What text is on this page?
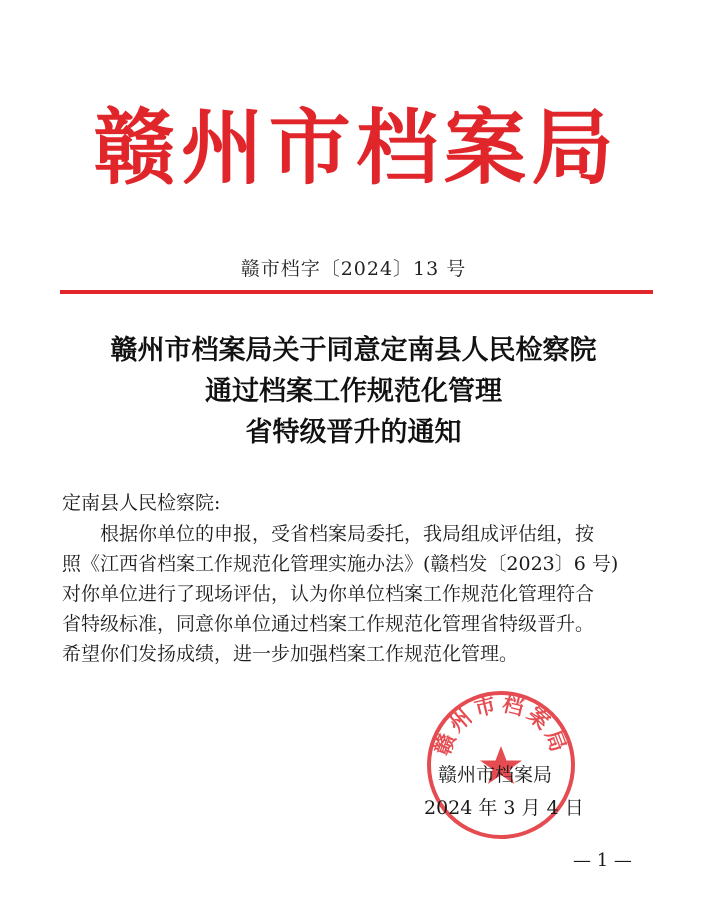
赣州市档案局
赣市档字〔2024〕13 号
赣州市档案局关于同意定南县人民检察院
通过档案工作规范化管理
省特级晋升的通知
定南县人民检察院:
根据你单位的申报，受省档案局委托，我局组成评估组，按
照《江西省档案工作规范化管理实施办法》(赣档发〔2023〕6 号)
对你单位进行了现场评估，认为你单位档案工作规范化管理符合
省特级标准，同意你单位通过档案工作规范化管理省特级晋升。
希望你们发扬成绩，进一步加强档案工作规范化管理。
赣州市档案局
赣州市档案局
2024 年 3 月 4 日
— 1 —
